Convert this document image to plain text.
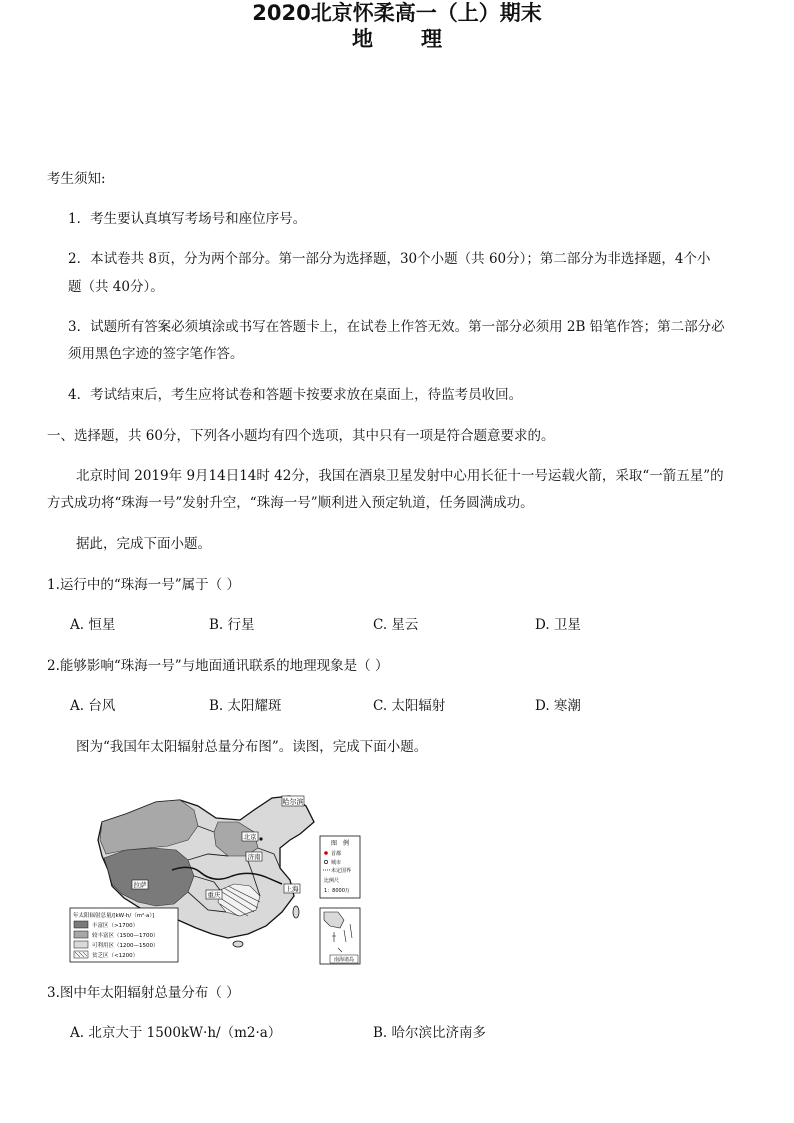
2020北京怀柔高一（上）期末
地理
考生须知:
1．考生要认真填写考场号和座位序号。
2．本试卷共 8页，分为两个部分。第一部分为选择题，30个小题（共 60分）；第二部分为非选择题，4个小
题（共 40分）。
3．试题所有答案必须填涂或书写在答题卡上，在试卷上作答无效。第一部分必须用 2B 铅笔作答；第二部分必
须用黑色字迹的签字笔作答。
4．考试结束后，考生应将试卷和答题卡按要求放在桌面上，待监考员收回。
一、选择题，共 60分，下列各小题均有四个选项，其中只有一项是符合题意要求的。
北京时间 2019年 9月14日14时 42分，我国在酒泉卫星发射中心用长征十一号运载火箭，采取“一箭五星”的
方式成功将“珠海一号”发射升空，“珠海一号”顺利进入预定轨道，任务圆满成功。
据此，完成下面小题。
1.运行中的“珠海一号”属于（ ）
A. 恒星	B. 行星	C. 星云	D. 卫星
2.能够影响“珠海一号”与地面通讯联系的地理现象是（ ）
A. 台风	B. 太阳耀斑	C. 太阳辐射	D. 寒潮
图为“我国年太阳辐射总量分布图”。读图，完成下面小题。
哈尔滨
北京
济南
拉萨
重庆
上海
图　例
首都
城市
未定国界
比例尺
1：8000万
南海诸岛
年太阳辐射总量/[kW·h/（m²·a）]
丰富区（>1700）
较丰富区（1500—1700）
可利用区（1200—1500）
贫乏区（<1200）
3.图中年太阳辐射总量分布（ ）
A. 北京大于 1500kW·h/（m2·a）	B. 哈尔滨比济南多
